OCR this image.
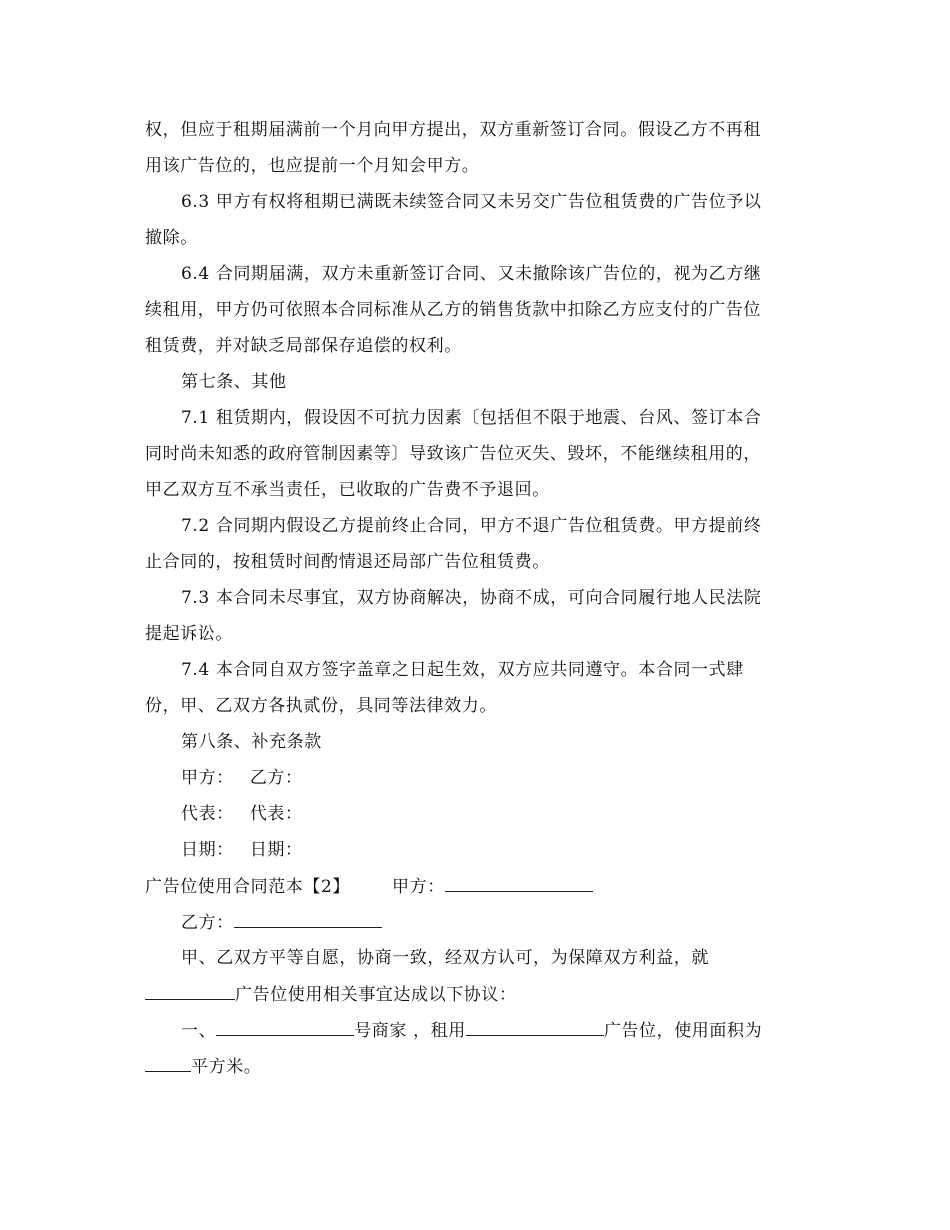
权，但应于租期届满前一个月向甲方提出，双方重新签订合同。假设乙方不再租
用该广告位的，也应提前一个月知会甲方。
6.3 甲方有权将租期已满既未续签合同又未另交广告位租赁费的广告位予以
撤除。
6.4 合同期届满，双方未重新签订合同、又未撤除该广告位的，视为乙方继
续租用，甲方仍可依照本合同标准从乙方的销售货款中扣除乙方应支付的广告位
租赁费，并对缺乏局部保存追偿的权利。
第七条、其他
7.1 租赁期内，假设因不可抗力因素〔包括但不限于地震、台风、签订本合
同时尚未知悉的政府管制因素等〕导致该广告位灭失、毁坏，不能继续租用的，
甲乙双方互不承当责任，已收取的广告费不予退回。
7.2 合同期内假设乙方提前终止合同，甲方不退广告位租赁费。甲方提前终
止合同的，按租赁时间酌情退还局部广告位租赁费。
7.3 本合同未尽事宜，双方协商解决，协商不成，可向合同履行地人民法院
提起诉讼。
7.4 本合同自双方签字盖章之日起生效，双方应共同遵守。本合同一式肆
份，甲、乙双方各执贰份，具同等法律效力。
第八条、补充条款
甲方： 乙方：
代表： 代表：
日期： 日期：
广告位使用合同范本【2】 甲方：
乙方：
甲、乙双方平等自愿，协商一致，经双方认可，为保障双方利益，就
广告位使用相关事宜达成以下协议：
一、	号商家 ，租用	广告位，使用面积为
平方米。
